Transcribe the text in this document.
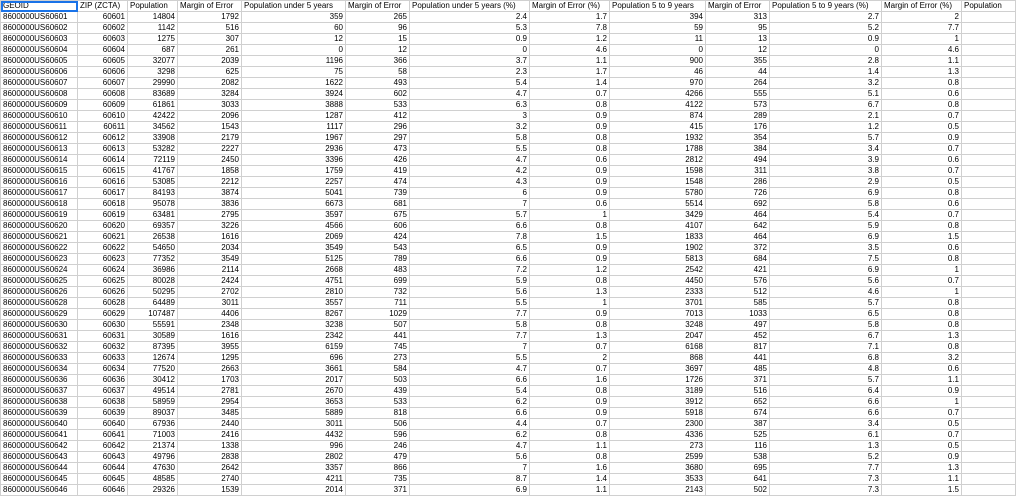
GEOID	ZIP (ZCTA)	Population	Margin of Error	Population under 5 years	Margin of Error	Population under 5 years (%)	Margin of Error (%)	Population 5 to 9 years	Margin of Error	Population 5 to 9 years (%)	Margin of Error (%)	Population
8600000US60601	60601	14804	1792	359	265	2.4	1.7	394	313	2.7	2	
8600000US60602	60602	1142	516	60	96	5.3	7.8	59	95	5.2	7.7	
8600000US60603	60603	1275	307	12	15	0.9	1.2	11	13	0.9	1	
8600000US60604	60604	687	261	0	12	0	4.6	0	12	0	4.6	
8600000US60605	60605	32077	2039	1196	366	3.7	1.1	900	355	2.8	1.1	
8600000US60606	60606	3298	625	75	58	2.3	1.7	46	44	1.4	1.3	
8600000US60607	60607	29990	2082	1622	493	5.4	1.4	970	264	3.2	0.8	
8600000US60608	60608	83689	3284	3924	602	4.7	0.7	4266	555	5.1	0.6	
8600000US60609	60609	61861	3033	3888	533	6.3	0.8	4122	573	6.7	0.8	
8600000US60610	60610	42422	2096	1287	412	3	0.9	874	289	2.1	0.7	
8600000US60611	60611	34562	1543	1117	296	3.2	0.9	415	176	1.2	0.5	
8600000US60612	60612	33908	2179	1967	297	5.8	0.8	1932	354	5.7	0.9	
8600000US60613	60613	53282	2227	2936	473	5.5	0.8	1788	384	3.4	0.7	
8600000US60614	60614	72119	2450	3396	426	4.7	0.6	2812	494	3.9	0.6	
8600000US60615	60615	41767	1858	1759	419	4.2	0.9	1598	311	3.8	0.7	
8600000US60616	60616	53085	2212	2257	474	4.3	0.9	1548	286	2.9	0.5	
8600000US60617	60617	84193	3874	5041	739	6	0.9	5780	726	6.9	0.8	
8600000US60618	60618	95078	3836	6673	681	7	0.6	5514	692	5.8	0.6	
8600000US60619	60619	63481	2795	3597	675	5.7	1	3429	464	5.4	0.7	
8600000US60620	60620	69357	3226	4566	606	6.6	0.8	4107	642	5.9	0.8	
8600000US60621	60621	26538	1616	2069	424	7.8	1.5	1833	464	6.9	1.5	
8600000US60622	60622	54650	2034	3549	543	6.5	0.9	1902	372	3.5	0.6	
8600000US60623	60623	77352	3549	5125	789	6.6	0.9	5813	684	7.5	0.8	
8600000US60624	60624	36986	2114	2668	483	7.2	1.2	2542	421	6.9	1	
8600000US60625	60625	80028	2424	4751	699	5.9	0.8	4450	576	5.6	0.7	
8600000US60626	60626	50295	2702	2810	732	5.6	1.3	2333	512	4.6	1	
8600000US60628	60628	64489	3011	3557	711	5.5	1	3701	585	5.7	0.8	
8600000US60629	60629	107487	4406	8267	1029	7.7	0.9	7013	1033	6.5	0.8	
8600000US60630	60630	55591	2348	3238	507	5.8	0.8	3248	497	5.8	0.8	
8600000US60631	60631	30589	1616	2342	441	7.7	1.3	2047	452	6.7	1.3	
8600000US60632	60632	87395	3955	6159	745	7	0.7	6168	817	7.1	0.8	
8600000US60633	60633	12674	1295	696	273	5.5	2	868	441	6.8	3.2	
8600000US60634	60634	77520	2663	3661	584	4.7	0.7	3697	485	4.8	0.6	
8600000US60636	60636	30412	1703	2017	503	6.6	1.6	1726	371	5.7	1.1	
8600000US60637	60637	49514	2781	2670	439	5.4	0.8	3189	516	6.4	0.9	
8600000US60638	60638	58959	2954	3653	533	6.2	0.9	3912	652	6.6	1	
8600000US60639	60639	89037	3485	5889	818	6.6	0.9	5918	674	6.6	0.7	
8600000US60640	60640	67936	2440	3011	506	4.4	0.7	2300	387	3.4	0.5	
8600000US60641	60641	71003	2416	4432	596	6.2	0.8	4336	525	6.1	0.7	
8600000US60642	60642	21374	1338	996	246	4.7	1.1	273	116	1.3	0.5	
8600000US60643	60643	49796	2838	2802	479	5.6	0.8	2599	538	5.2	0.9	
8600000US60644	60644	47630	2642	3357	866	7	1.6	3680	695	7.7	1.3	
8600000US60645	60645	48585	2740	4211	735	8.7	1.4	3533	641	7.3	1.1	
8600000US60646	60646	29326	1539	2014	371	6.9	1.1	2143	502	7.3	1.5	
